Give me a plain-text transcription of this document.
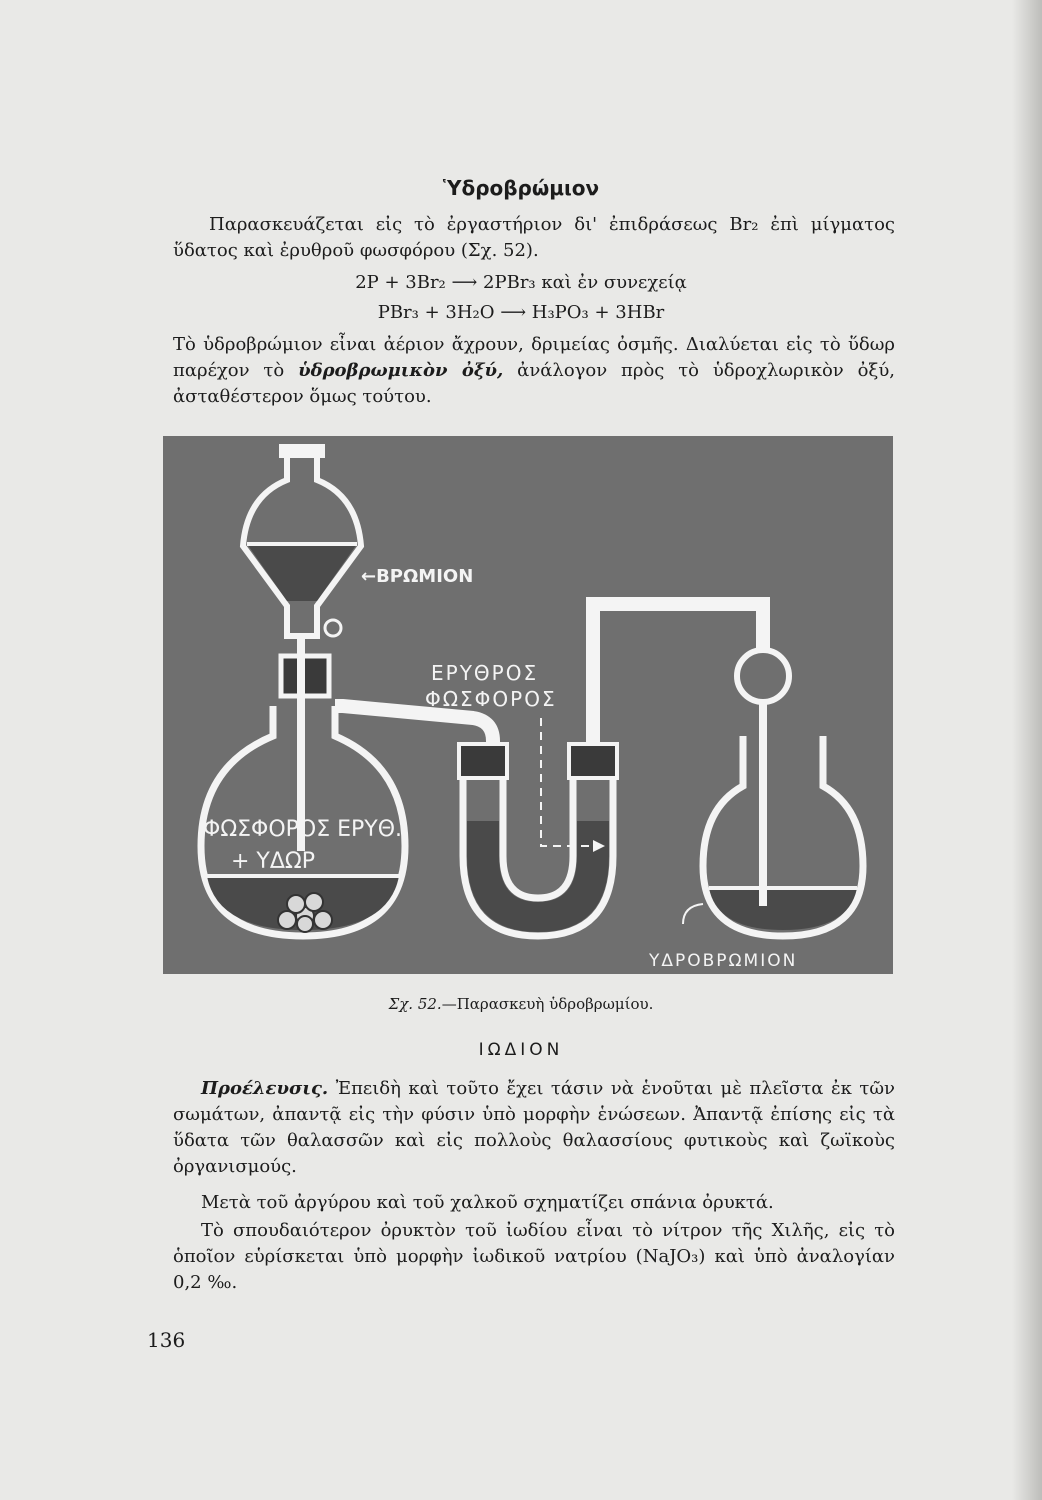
Ὑδροβρώμιον
Παρασκευάζεται εἰς τὸ ἐργαστήριον δι' ἐπιδράσεως Br₂ ἐπὶ μίγματος ὕδατος καὶ ἐρυθροῦ φωσφόρου (Σχ. 52).
2P + 3Br₂ ⟶ 2PBr₃ καὶ ἐν συνεχείᾳ
PBr₃ + 3H₂O ⟶ H₃PO₃ + 3HBr
Τὸ ὑδροβρώμιον εἶναι ἀέριον ἄχρουν, δριμείας ὀσμῆς. Διαλύεται εἰς τὸ ὕδωρ παρέχον τὸ ὑδροβρωμικὸν ὀξύ, ἀνάλογον πρὸς τὸ ὑδροχλωρικὸν ὀξύ, ἀσταθέστερον ὅμως τούτου.
←ΒΡΩΜΙΟΝ
ΦΩΣΦΟΡΟΣ ΕΡΥΘ.
+ ΥΔΩΡ
ΕΡΥΘΡΟΣ
ΦΩΣΦΟΡΟΣ
ΥΔΡΟΒΡΩΜΙΟΝ
Σχ. 52.—Παρασκευὴ ὑδροβρωμίου.
ΙΩΔΙΟΝ
Προέλευσις. Ἐπειδὴ καὶ τοῦτο ἔχει τάσιν νὰ ἑνοῦται μὲ πλεῖστα ἐκ τῶν σωμάτων, ἀπαντᾷ εἰς τὴν φύσιν ὑπὸ μορφὴν ἑνώσεων. Ἀπαντᾷ ἐπίσης εἰς τὰ ὕδατα τῶν θαλασσῶν καὶ εἰς πολλοὺς θαλασσίους φυτικοὺς καὶ ζωϊκοὺς ὀργανισμούς.
Μετὰ τοῦ ἀργύρου καὶ τοῦ χαλκοῦ σχηματίζει σπάνια ὀρυκτά.
Τὸ σπουδαιότερον ὀρυκτὸν τοῦ ἰωδίου εἶναι τὸ νίτρον τῆς Χιλῆς, εἰς τὸ ὁποῖον εὑρίσκεται ὑπὸ μορφὴν ἰωδικοῦ νατρίου (NaJO₃) καὶ ὑπὸ ἀναλογίαν 0,2 ‰.
136
